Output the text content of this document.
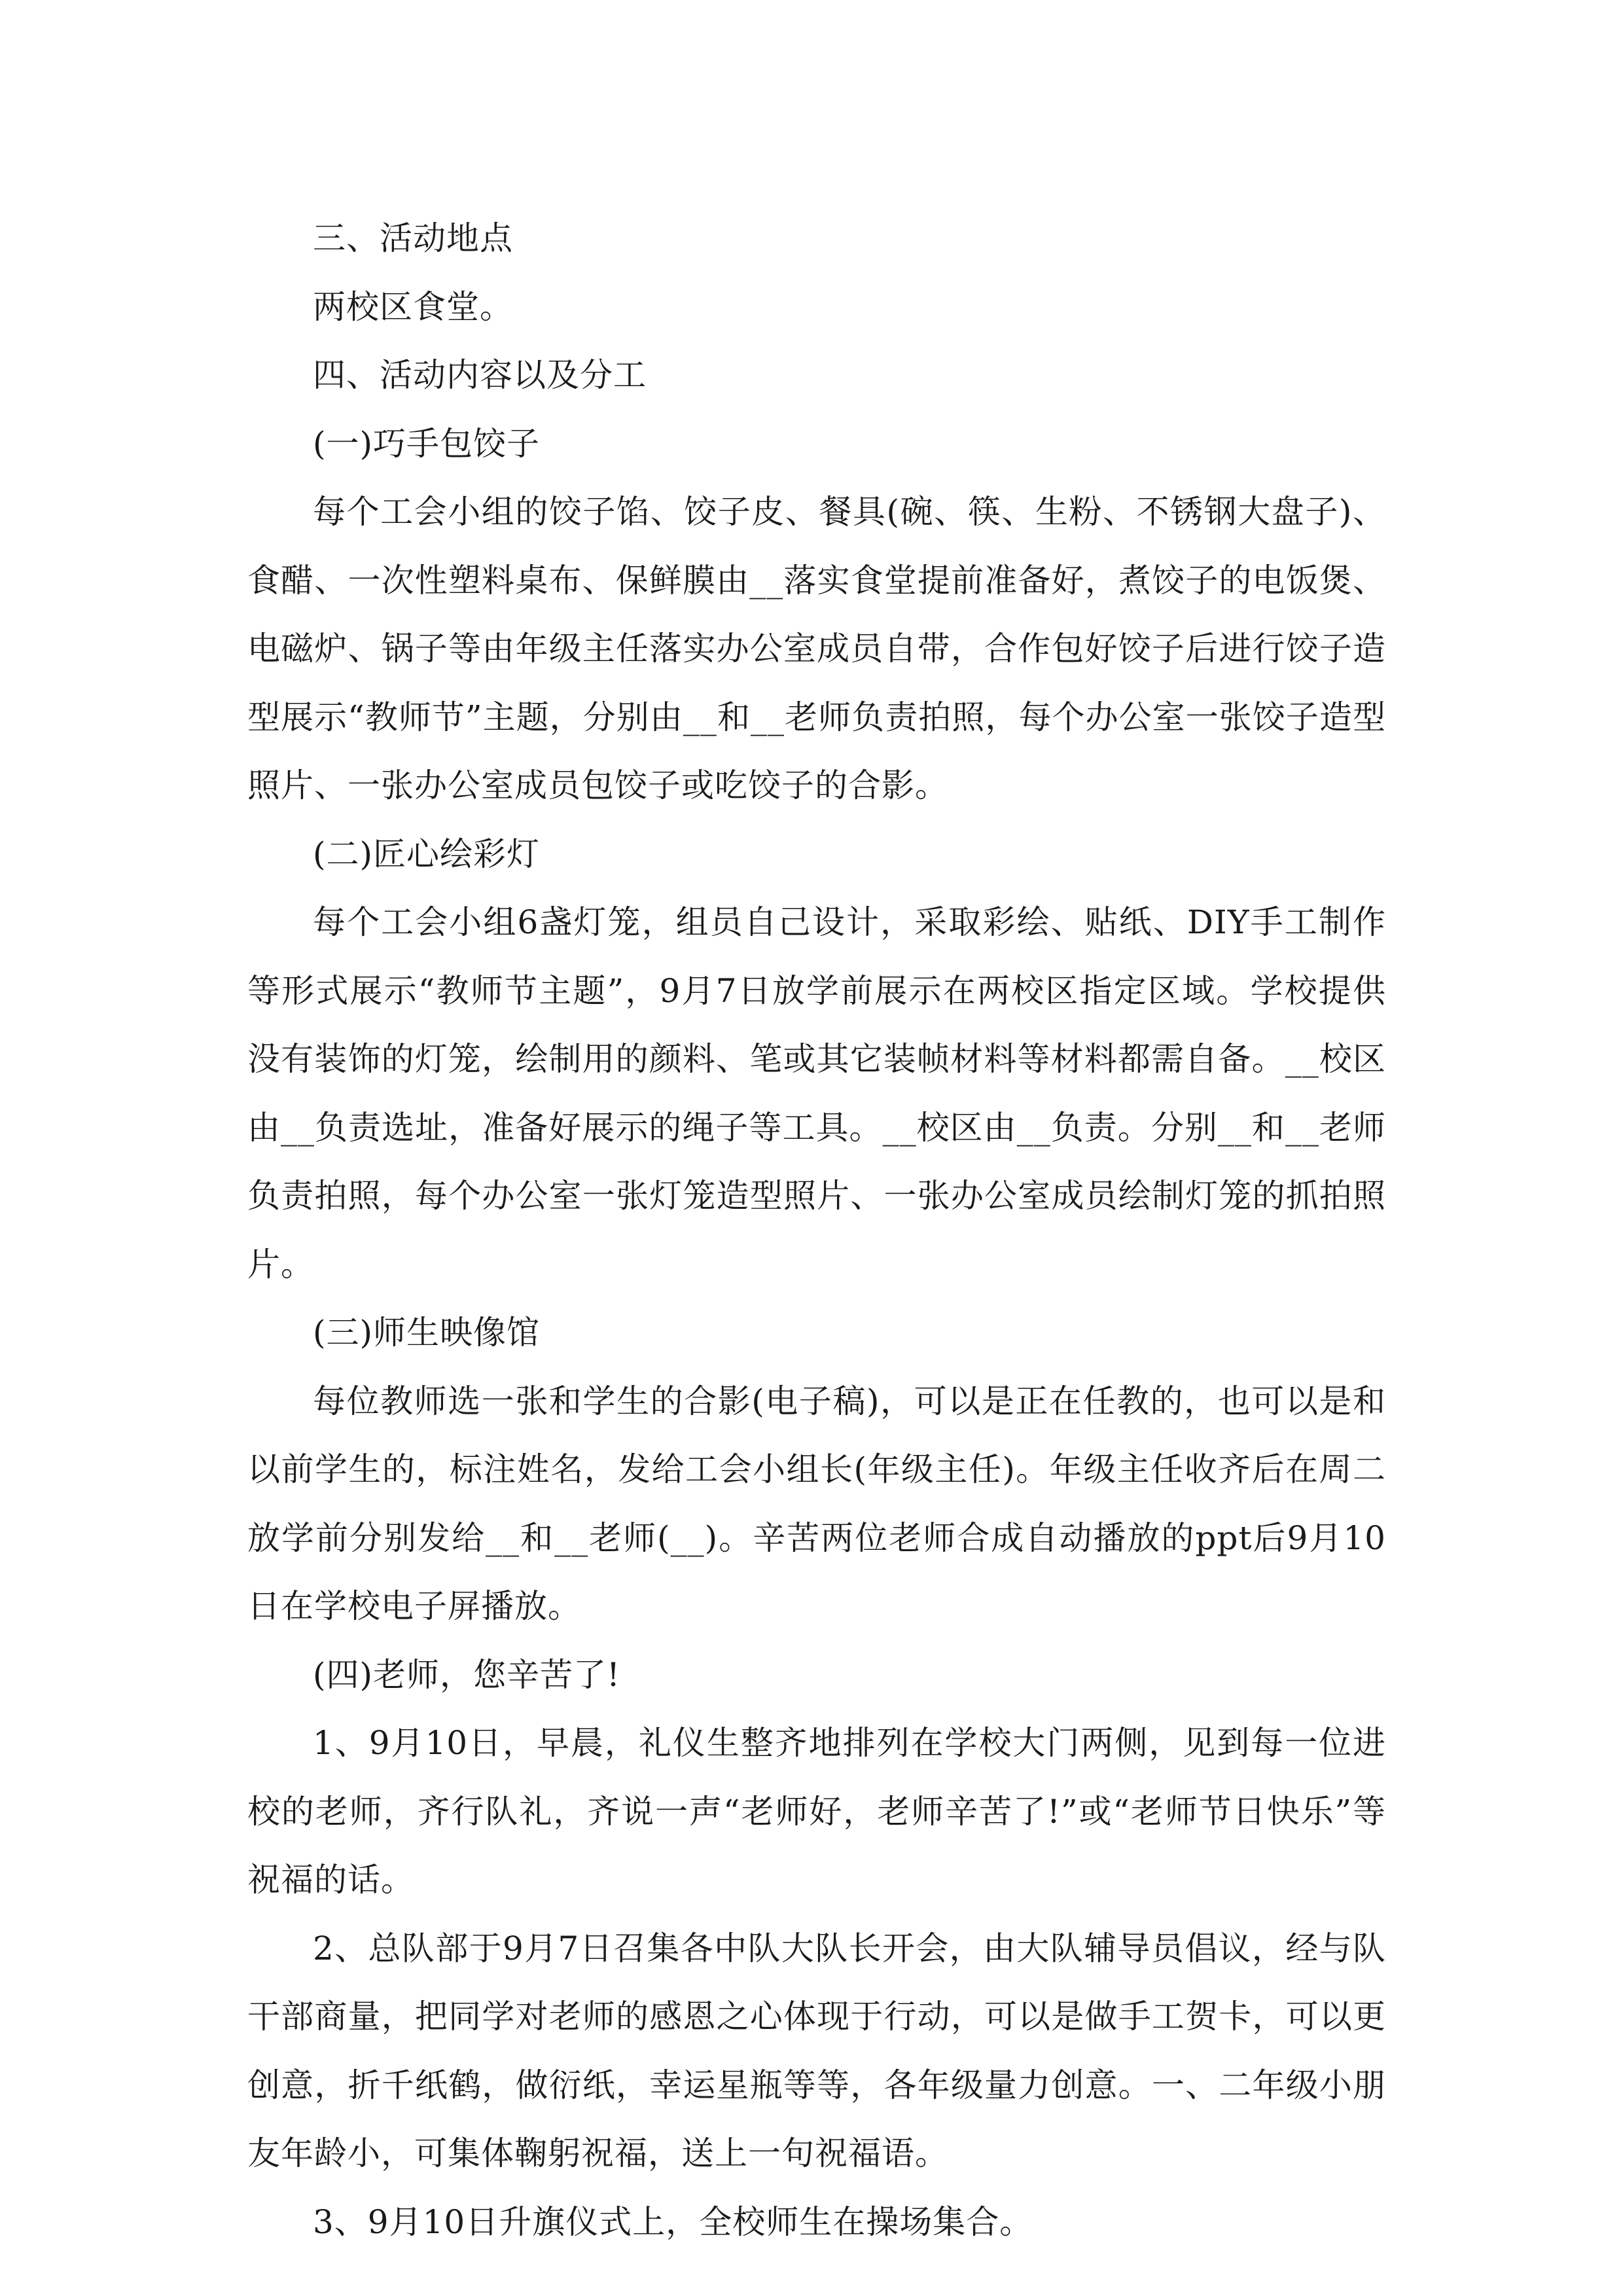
三、活动地点

两校区食堂。

四、活动内容以及分工

(一)巧手包饺子

每个工会小组的饺子馅、饺子皮、餐具(碗、筷、生粉、不锈钢大盘子)、食醋、一次性塑料桌布、保鲜膜由__落实食堂提前准备好，煮饺子的电饭煲、电磁炉、锅子等由年级主任落实办公室成员自带，合作包好饺子后进行饺子造型展示“教师节”主题，分别由__和__老师负责拍照，每个办公室一张饺子造型照片、一张办公室成员包饺子或吃饺子的合影。

(二)匠心绘彩灯

每个工会小组6盏灯笼，组员自己设计，采取彩绘、贴纸、DIY手工制作等形式展示“教师节主题”，9月7日放学前展示在两校区指定区域。学校提供没有装饰的灯笼，绘制用的颜料、笔或其它装帧材料等材料都需自备。__校区由__负责选址，准备好展示的绳子等工具。__校区由__负责。分别__和__老师负责拍照，每个办公室一张灯笼造型照片、一张办公室成员绘制灯笼的抓拍照片。

(三)师生映像馆

每位教师选一张和学生的合影(电子稿)，可以是正在任教的，也可以是和以前学生的，标注姓名，发给工会小组长(年级主任)。年级主任收齐后在周二放学前分别发给__和__老师(__)。辛苦两位老师合成自动播放的ppt后9月10日在学校电子屏播放。

(四)老师，您辛苦了!

1、9月10日，早晨，礼仪生整齐地排列在学校大门两侧，见到每一位进校的老师，齐行队礼，齐说一声“老师好，老师辛苦了!”或“老师节日快乐”等祝福的话。

2、总队部于9月7日召集各中队大队长开会，由大队辅导员倡议，经与队干部商量，把同学对老师的感恩之心体现于行动，可以是做手工贺卡，可以更创意，折千纸鹤，做衍纸，幸运星瓶等等，各年级量力创意。一、二年级小朋友年龄小，可集体鞠躬祝福，送上一句祝福语。

3、9月10日升旗仪式上，全校师生在操场集合。
